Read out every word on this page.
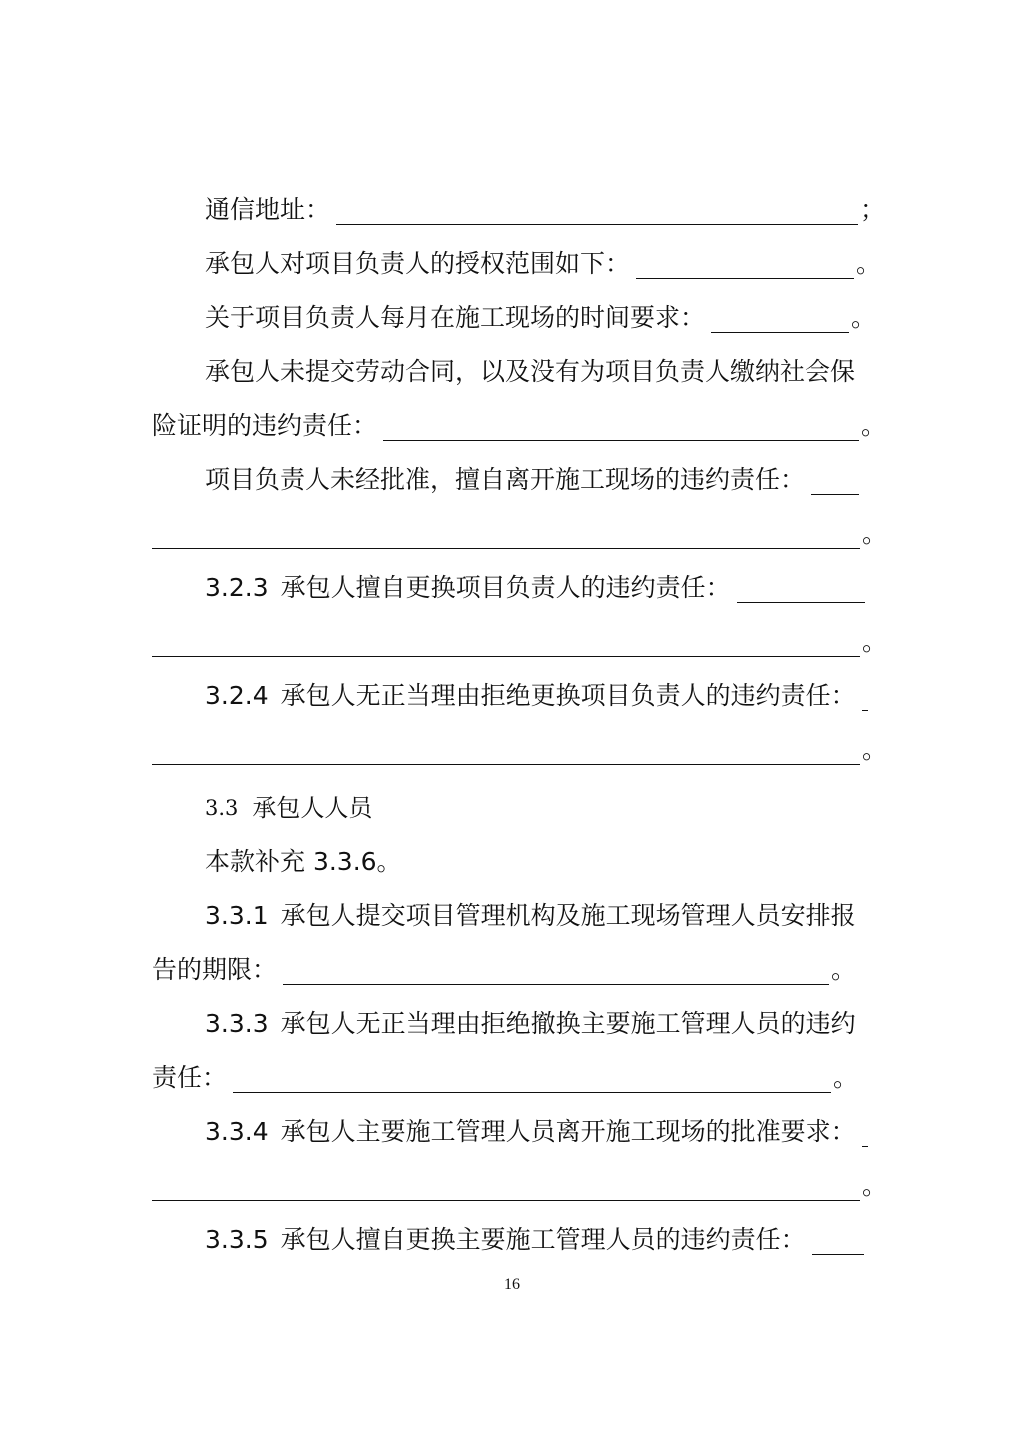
通信地址：	；
承包人对项目负责人的授权范围如下：	。
关于项目负责人每月在施工现场的时间要求：	。
承包人未提交劳动合同，以及没有为项目负责人缴纳社会保
险证明的违约责任：	。
项目负责人未经批准，擅自离开施工现场的违约责任：
。
3.2.3 承包人擅自更换项目负责人的违约责任：
。
3.2.4 承包人无正当理由拒绝更换项目负责人的违约责任：
。
3.3 承包人人员
本款补充 3.3.6。
3.3.1 承包人提交项目管理机构及施工现场管理人员安排报
告的期限：	。
3.3.3 承包人无正当理由拒绝撤换主要施工管理人员的违约
责任：	。
3.3.4 承包人主要施工管理人员离开施工现场的批准要求：
。
3.3.5 承包人擅自更换主要施工管理人员的违约责任：
16
